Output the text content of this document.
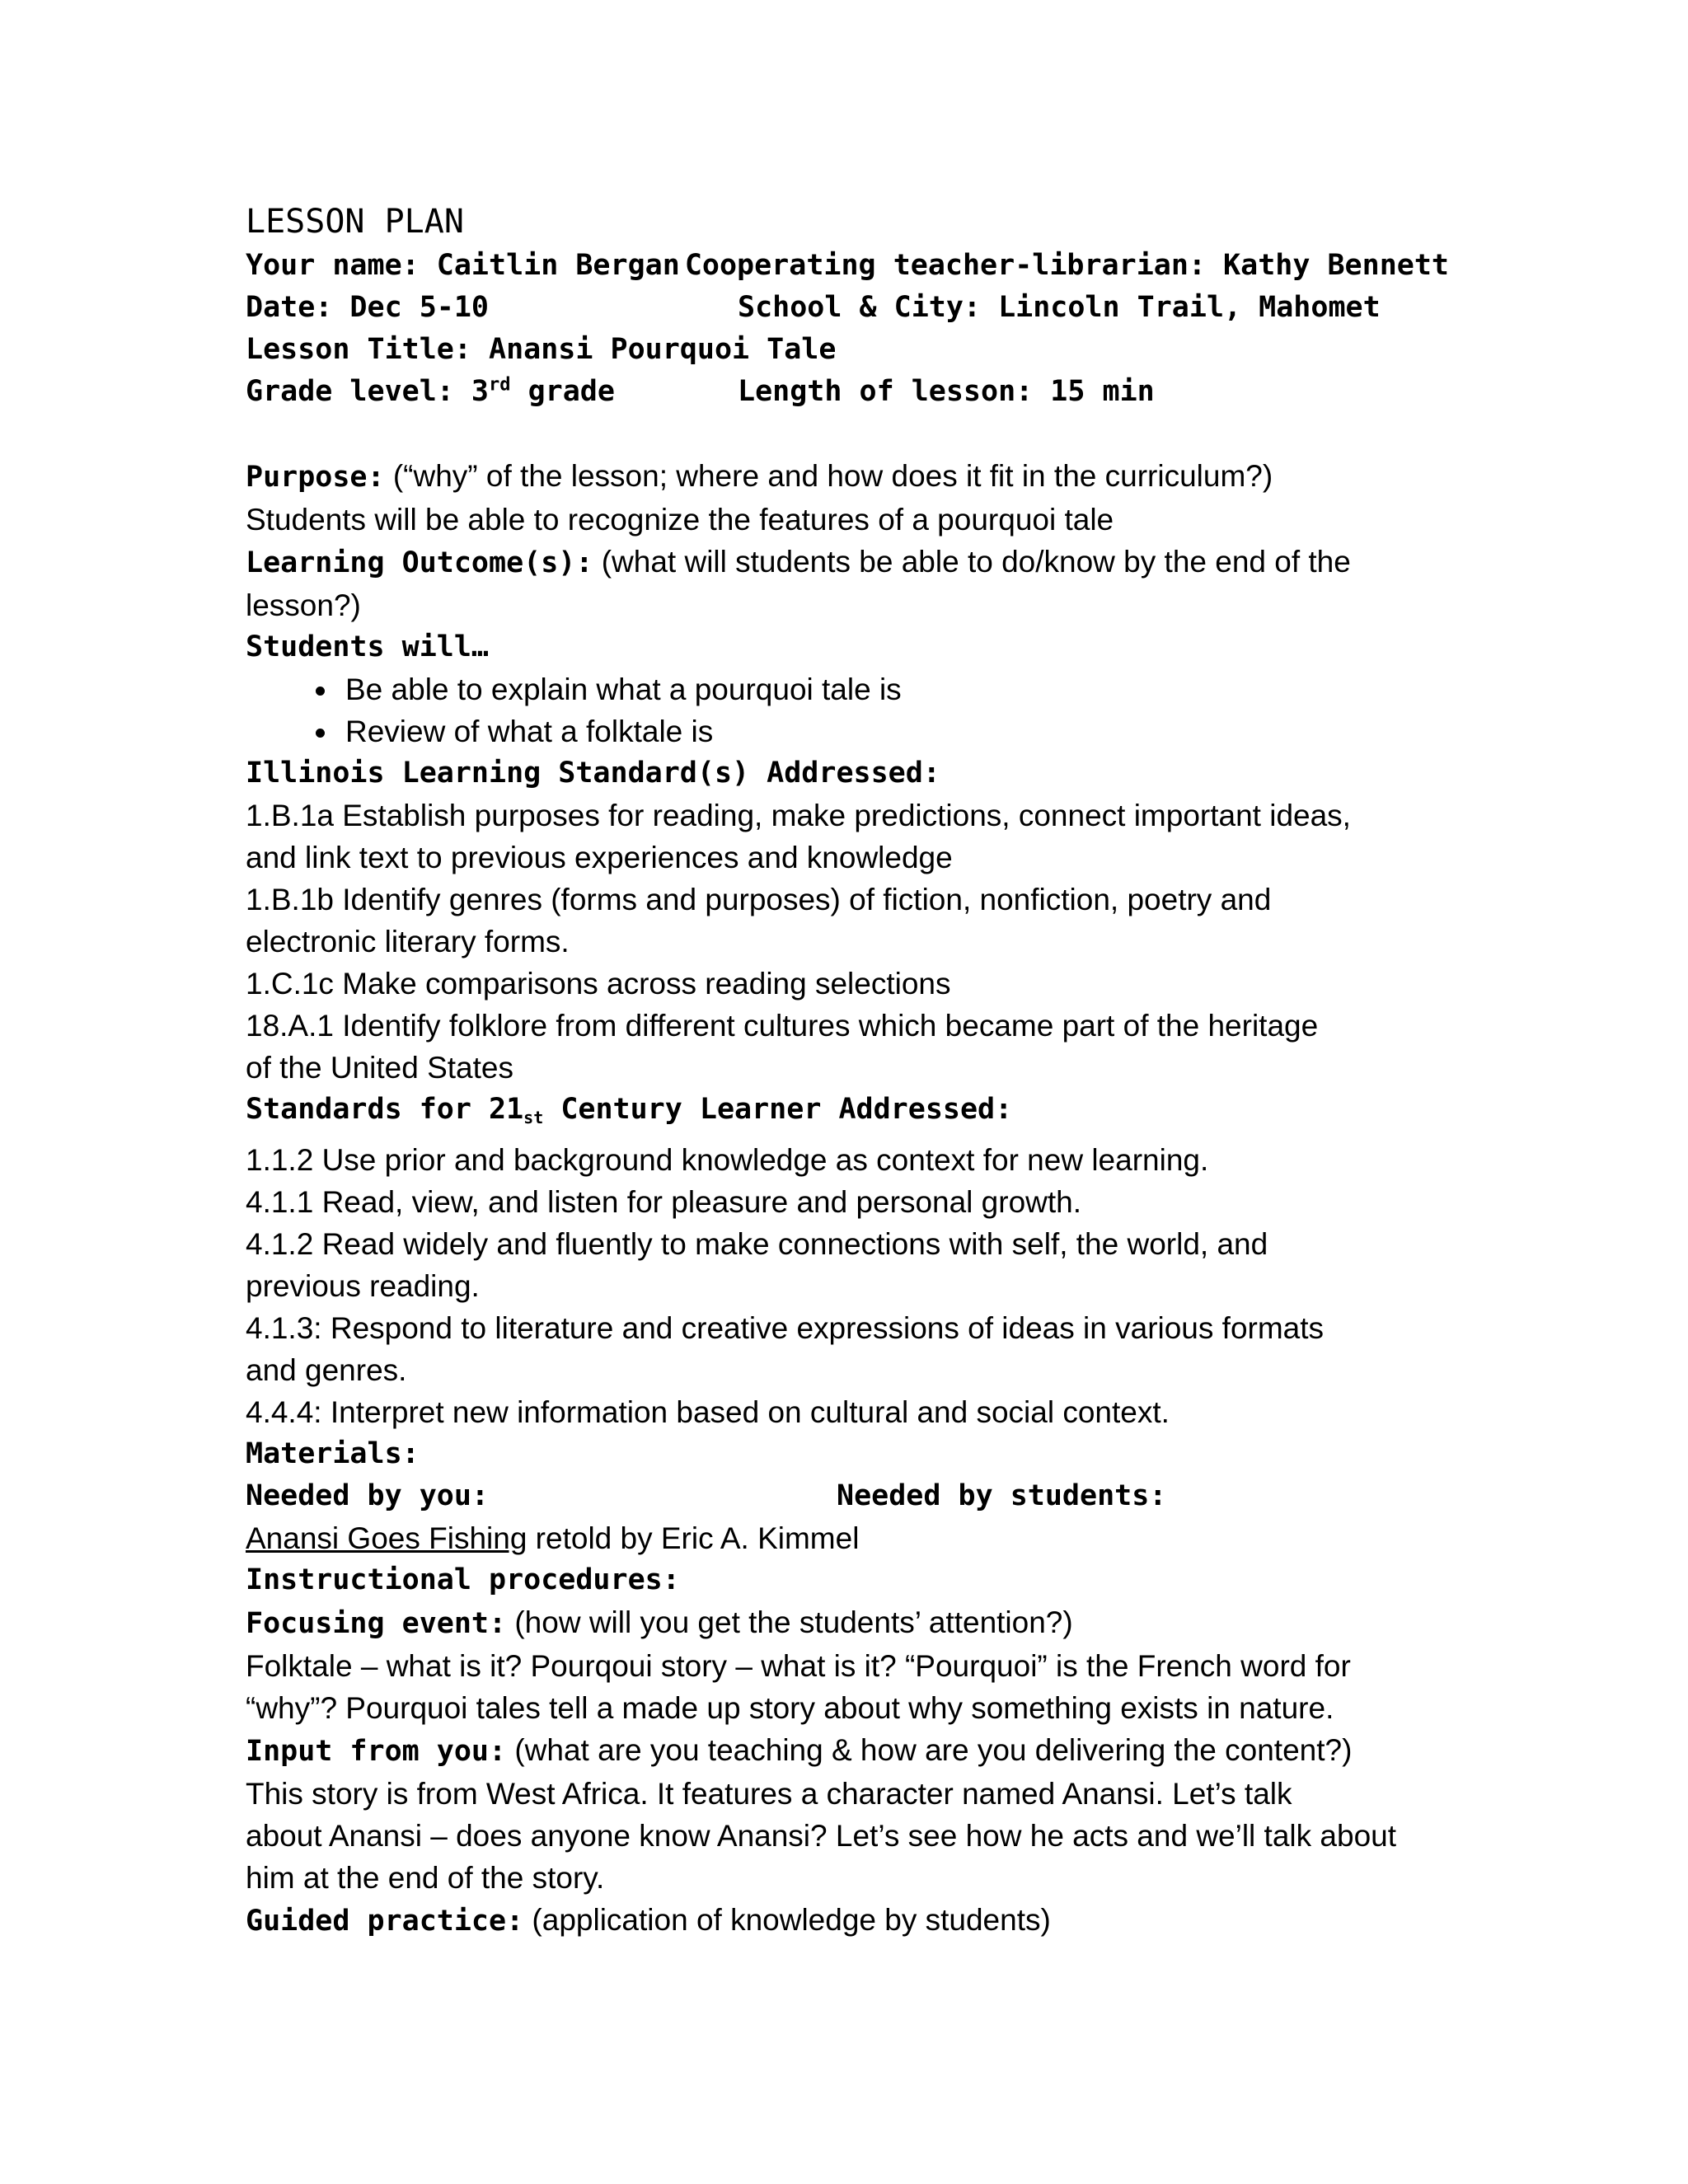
LESSON PLAN
Your name: Caitlin Bergan Cooperating teacher-librarian: Kathy Bennett
Date: Dec 5-10	School & City: Lincoln Trail, Mahomet
Lesson Title: Anansi Pourquoi Tale
Grade level: 3rd grade	Length of lesson: 15 min
Purpose: (“why” of the lesson; where and how does it fit in the curriculum?)
Students will be able to recognize the features of a pourquoi tale
Learning Outcome(s): (what will students be able to do/know by the end of the
lesson?)
Students will…
Be able to explain what a pourquoi tale is
Review of what a folktale is
Illinois Learning Standard(s) Addressed:
1.B.1a Establish purposes for reading, make predictions, connect important ideas,
and link text to previous experiences and knowledge
1.B.1b Identify genres (forms and purposes) of fiction, nonfiction, poetry and
electronic literary forms.
1.C.1c Make comparisons across reading selections
18.A.1 Identify folklore from different cultures which became part of the heritage
of the United States
Standards for $21_{st}$ Century Learner Addressed:
1.1.2 Use prior and background knowledge as context for new learning.
4.1.1 Read, view, and listen for pleasure and personal growth.
4.1.2 Read widely and fluently to make connections with self, the world, and
previous reading.
4.1.3: Respond to literature and creative expressions of ideas in various formats
and genres.
4.4.4: Interpret new information based on cultural and social context.
Materials:
Needed by you:	Needed by students:
Anansi Goes Fishing retold by Eric A. Kimmel
Instructional procedures:
Focusing event: (how will you get the students’ attention?)
Folktale – what is it? Pourqoui story – what is it? “Pourquoi” is the French word for
“why”? Pourquoi tales tell a made up story about why something exists in nature.
Input from you: (what are you teaching & how are you delivering the content?)
This story is from West Africa. It features a character named Anansi. Let’s talk
about Anansi – does anyone know Anansi? Let’s see how he acts and we’ll talk about
him at the end of the story.
Guided practice: (application of knowledge by students)
